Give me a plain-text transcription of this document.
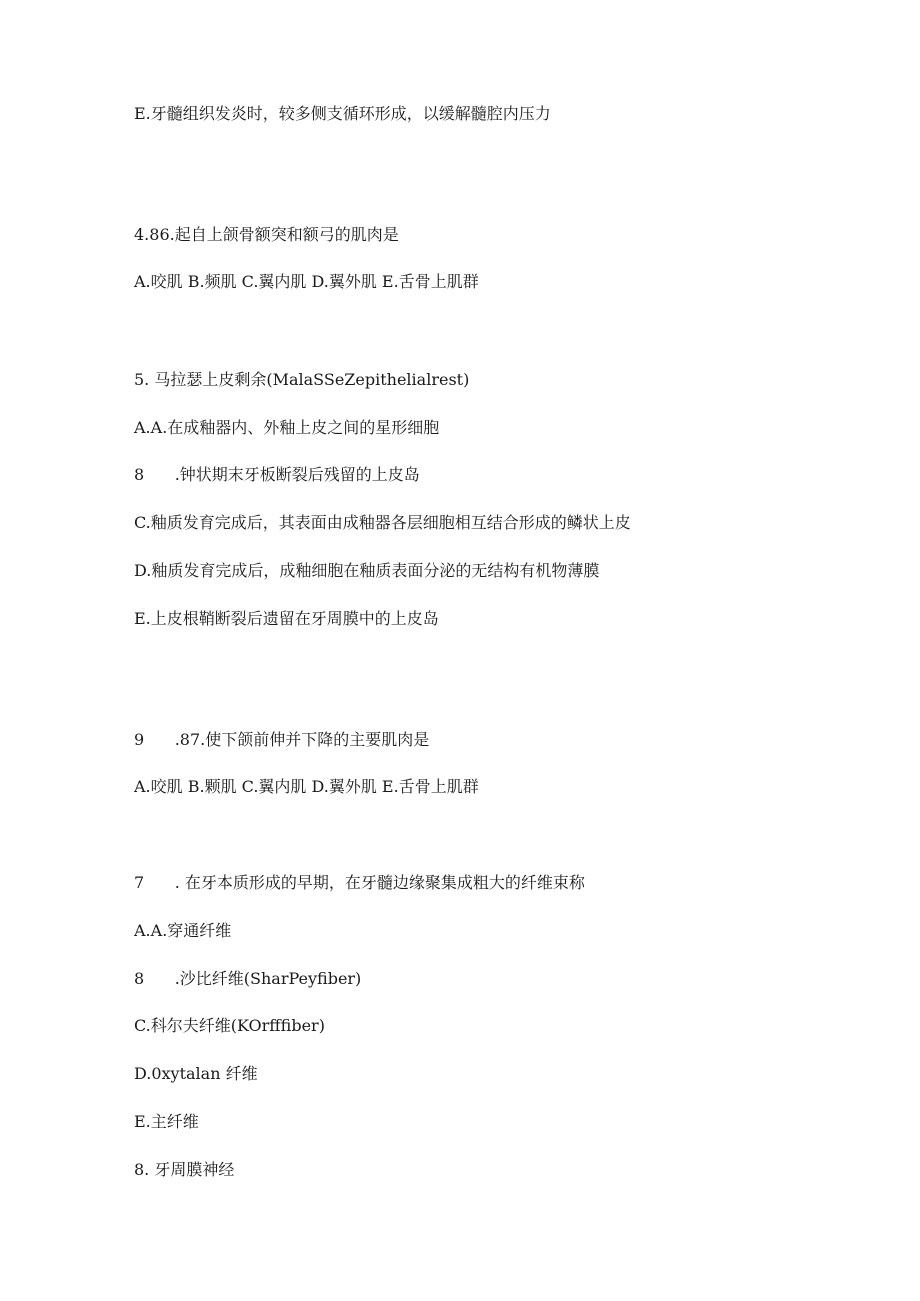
E.牙髓组织发炎时，较多侧支循环形成，以缓解髓腔内压力
4.86.起自上颌骨额突和额弓的肌肉是
A.咬肌 B.频肌 C.翼内肌 D.翼外肌 E.舌骨上肌群
5. 马拉瑟上皮剩余(MalaSSeZepithelialrest)
A.A.在成釉器内、外釉上皮之间的星形细胞
8	.钟状期末牙板断裂后残留的上皮岛
C.釉质发育完成后，其表面由成釉器各层细胞相互结合形成的鳞状上皮
D.釉质发育完成后，成釉细胞在釉质表面分泌的无结构有机物薄膜
E.上皮根鞘断裂后遗留在牙周膜中的上皮岛
9	.87.使下颌前伸并下降的主要肌肉是
A.咬肌 B.颗肌 C.翼内肌 D.翼外肌 E.舌骨上肌群
7	. 在牙本质形成的早期，在牙髓边缘聚集成粗大的纤维束称
A.A.穿通纤维
8	.沙比纤维(SharPeyfiber)
C.科尔夫纤维(KOrfffiber)
D.0xytalan 纤维
E.主纤维
8. 牙周膜神经
